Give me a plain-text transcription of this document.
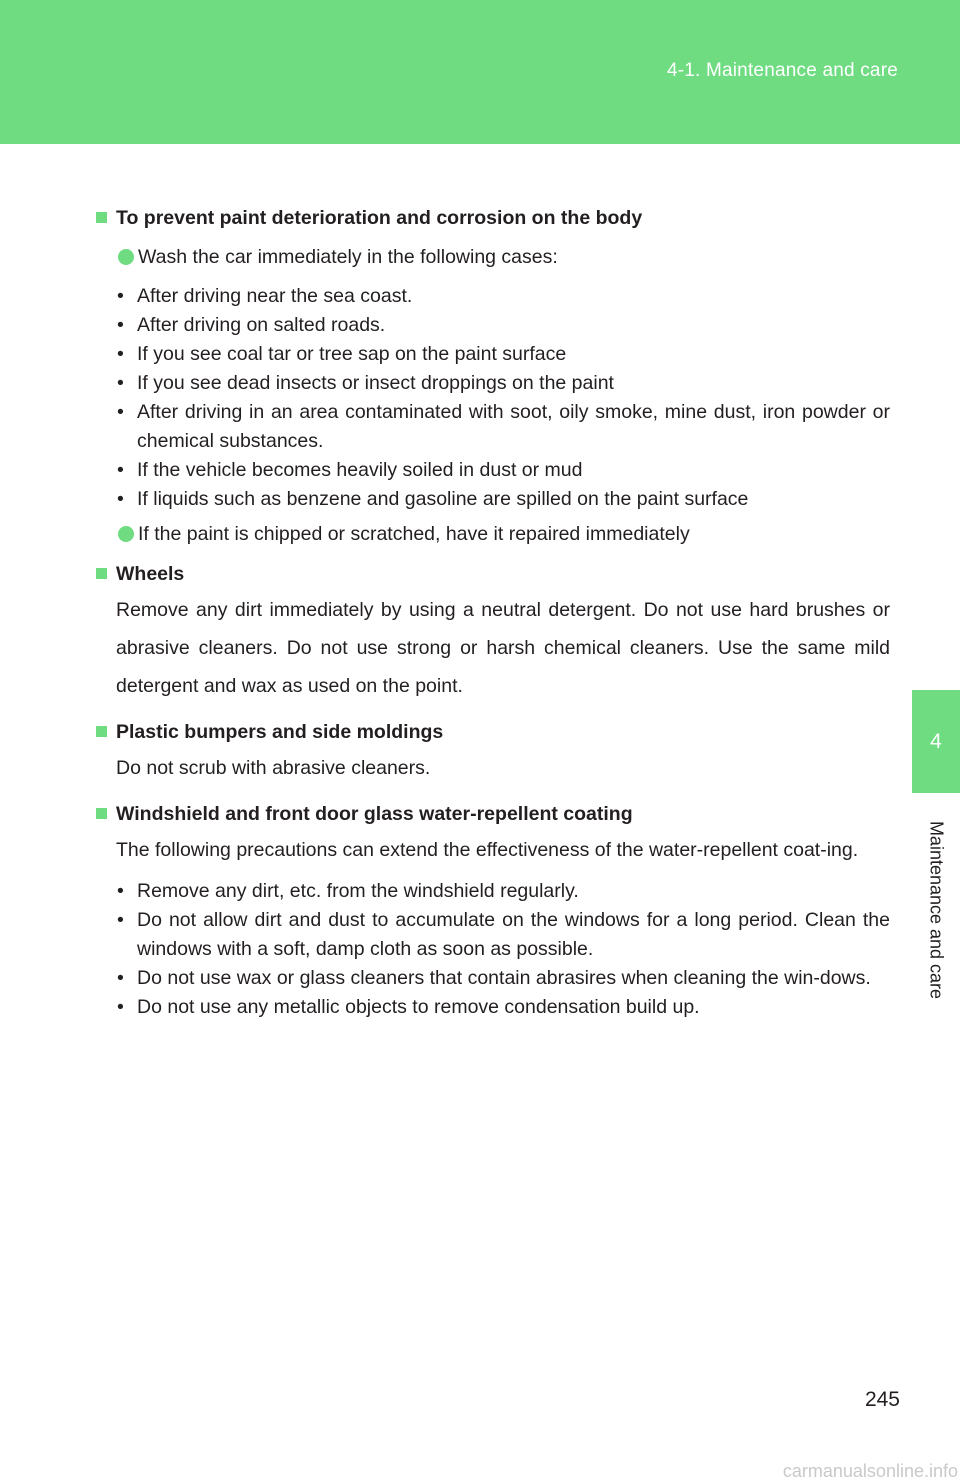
4-1. Maintenance and care
4
Maintenance and care
To prevent paint deterioration and corrosion on the body
Wash the car immediately in the following cases:
• After driving near the sea coast.
• After driving on salted roads.
• If you see coal tar or tree sap on the paint surface
• If you see dead insects or insect droppings on the paint
• After driving in an area contaminated with soot, oily smoke, mine dust, iron powder or chemical substances.
• If the vehicle becomes heavily soiled in dust or mud
• If liquids such as benzene and gasoline are spilled on the paint surface
If the paint is chipped or scratched, have it repaired immediately
Wheels
Remove any dirt immediately by using a neutral detergent. Do not use hard brushes or abrasive cleaners. Do not use strong or harsh chemical cleaners. Use the same mild detergent and wax as used on the point.
Plastic bumpers and side moldings
Do not scrub with abrasive cleaners.
Windshield and front door glass water-repellent coating
The following precautions can extend the effectiveness of the water-repellent coat-ing.
• Remove any dirt, etc. from the windshield regularly.
• Do not allow dirt and dust to accumulate on the windows for a long period. Clean the windows with a soft, damp cloth as soon as possible.
• Do not use wax or glass cleaners that contain abrasires when cleaning the win-dows.
• Do not use any metallic objects to remove condensation build up.
245
carmanualsonline.info
